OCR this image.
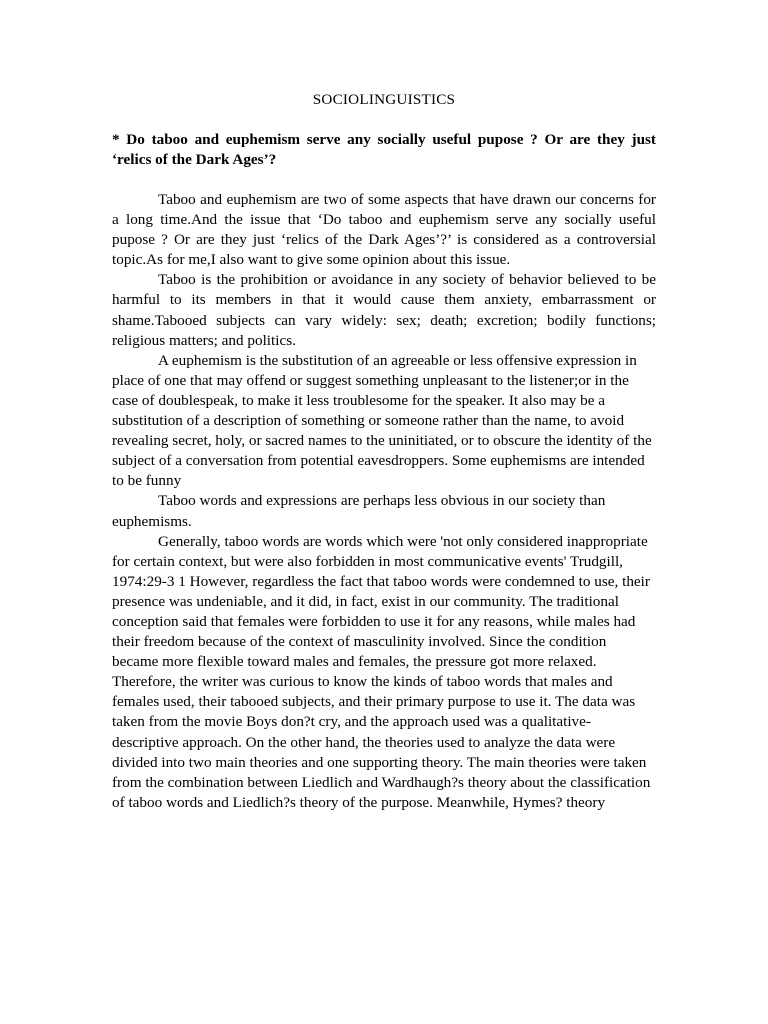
SOCIOLINGUISTICS

* Do taboo and euphemism serve any socially useful pupose ? Or are they just ‘relics of the Dark Ages’?

Taboo and euphemism are two of some aspects that have drawn our concerns for a long time.And the issue that ‘Do taboo and euphemism serve any socially useful pupose ? Or are they just ‘relics of the Dark Ages’?’ is considered as a controversial topic.As for me,I also want to give some opinion about this issue.

Taboo is the prohibition or avoidance in any society of behavior believed to be harmful to its members in that it would cause them anxiety, embarrassment or shame.Tabooed subjects can vary widely: sex; death; excretion; bodily functions; religious matters; and politics.

A euphemism is the substitution of an agreeable or less offensive expression in place of one that may offend or suggest something unpleasant to the listener;or in the case of doublespeak, to make it less troublesome for the speaker. It also may be a substitution of a description of something or someone rather than the name, to avoid revealing secret, holy, or sacred names to the uninitiated, or to obscure the identity of the subject of a conversation from potential eavesdroppers. Some euphemisms are intended to be funny

Taboo words and expressions are perhaps less obvious in our society than euphemisms.

Generally, taboo words are words which were 'not only considered inappropriate for certain context, but were also forbidden in most communicative events' Trudgill, 1974:29-3 1 However, regardless the fact that taboo words were condemned to use, their presence was undeniable, and it did, in fact, exist in our community. The traditional conception said that females were forbidden to use it for any reasons, while males had their freedom because of the context of masculinity involved. Since the condition became more flexible toward males and females, the pressure got more relaxed. Therefore, the writer was curious to know the kinds of taboo words that males and females used, their tabooed subjects, and their primary purpose to use it. The data was taken from the movie Boys don?t cry, and the approach used was a qualitative-descriptive approach. On the other hand, the theories used to analyze the data were divided into two main theories and one supporting theory. The main theories were taken from the combination between Liedlich and Wardhaugh?s theory about the classification of taboo words and Liedlich?s theory of the purpose. Meanwhile, Hymes? theory
